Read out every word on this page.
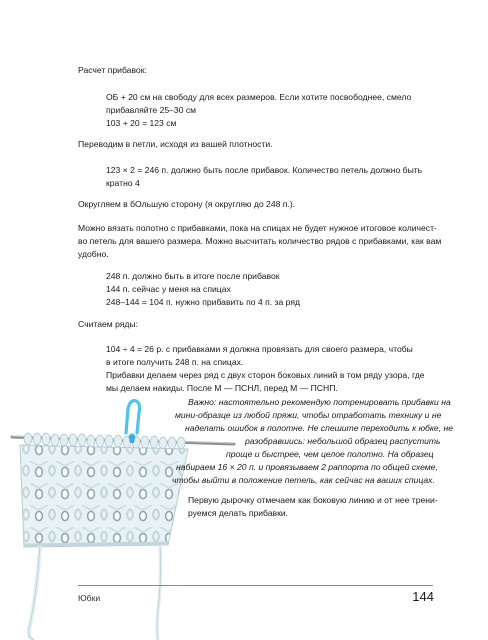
Расчет прибавок:

ОБ + 20 см на свободу для всех размеров. Если хотите посвободнее, смело

прибавляйте 25–30 см

103 + 20 = 123 см

Переводим в петли, исходя из вашей плотности.

123 × 2 = 246 п. должно быть после прибавок. Количество петель должно быть

кратно 4

Округляем в бОльшую сторону (я округляю до 248 п.).

Можно вязать полотно с прибавками, пока на спицах не будет нужное итоговое количест-

во петель для вашего размера. Можно высчитать количество рядов с прибавками, как вам

удобно.

248 п. должно быть в итоге после прибавок

144 п. сейчас у меня на спицах

248–144 = 104 п. нужно прибавить по 4 п. за ряд

Считаем ряды:

104 ÷ 4 = 26 р. с прибавками я должна провязать для своего размера, чтобы

в итоге получить 248 п. на спицах.

Прибавки делаем через ряд с двух сторон боковых линий в том ряду узора, где

мы делаем накиды. После М — ПСНЛ, перед М — ПСНП.

Важно: настоятельно рекомендую потренировать прибавки на

мини-образце из любой пряжи, чтобы отработать технику и не

наделать ошибок в полотне. Не спешите переходить к юбке, не

разобравшись: небольшой образец распустить

проще и быстрее, чем целое полотно. На образец

набираем 16 × 20 п. и провязываем 2 раппорта по общей схеме,

чтобы выйти в положение петель, как сейчас на ваших спицах.

Первую дырочку отмечаем как боковую линию и от нее трени-

руемся делать прибавки.

Юбки	144
